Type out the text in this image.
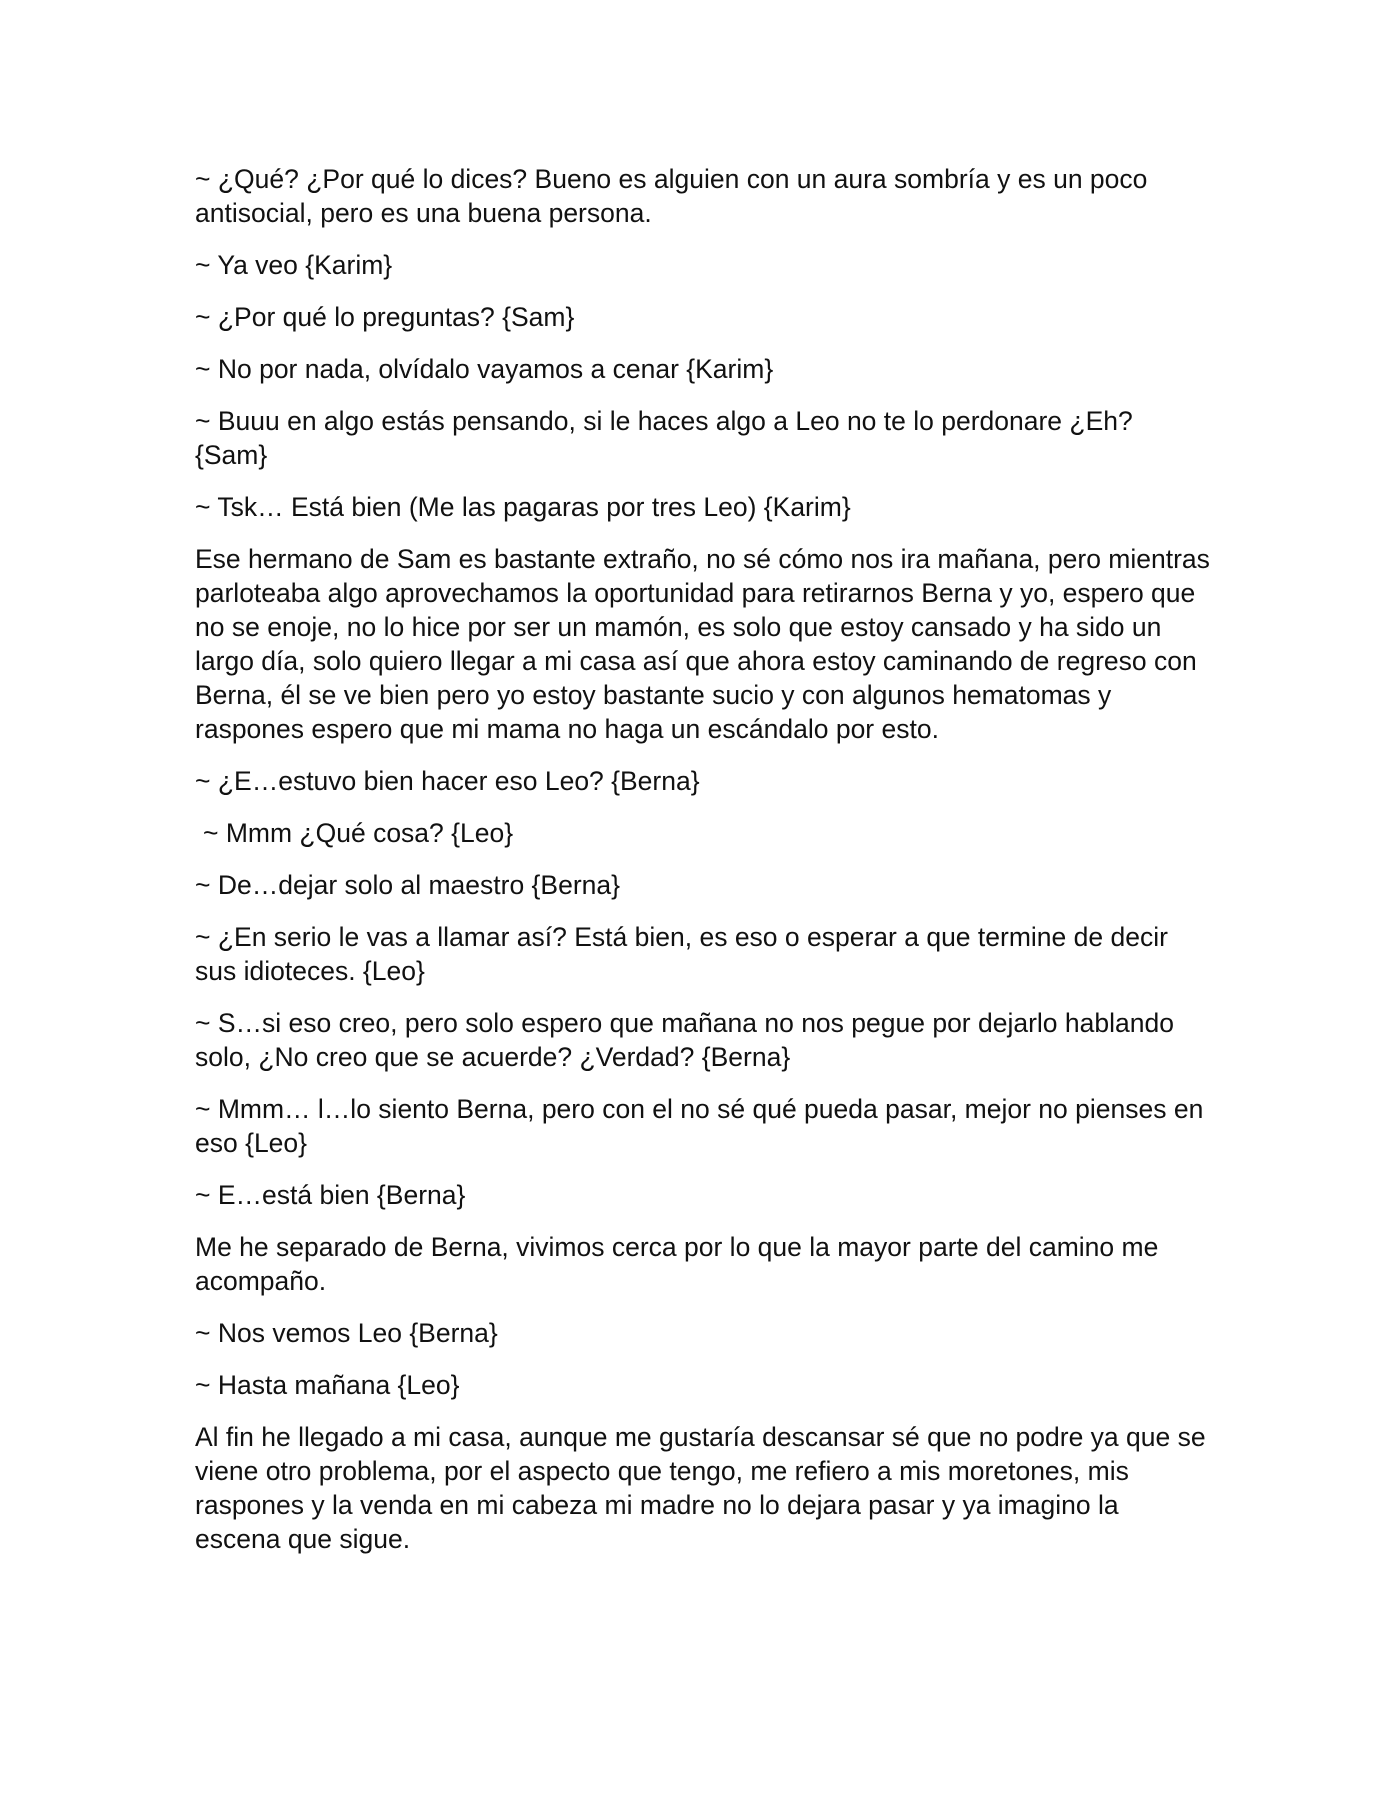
~ ¿Qué? ¿Por qué lo dices? Bueno es alguien con un aura sombría y es un poco antisocial, pero es una buena persona.

~ Ya veo {Karim}

~ ¿Por qué lo preguntas? {Sam}

~ No por nada, olvídalo vayamos a cenar {Karim}

~ Buuu en algo estás pensando, si le haces algo a Leo no te lo perdonare ¿Eh? {Sam}

~ Tsk… Está bien (Me las pagaras por tres Leo) {Karim}

Ese hermano de Sam es bastante extraño, no sé cómo nos ira mañana, pero mientras parloteaba algo aprovechamos la oportunidad para retirarnos Berna y yo, espero que no se enoje, no lo hice por ser un mamón, es solo que estoy cansado y ha sido un largo día, solo quiero llegar a mi casa así que ahora estoy caminando de regreso con Berna, él se ve bien pero yo estoy bastante sucio y con algunos hematomas y raspones espero que mi mama no haga un escándalo por esto.

~ ¿E…estuvo bien hacer eso Leo? {Berna}

~ Mmm ¿Qué cosa? {Leo}

~ De…dejar solo al maestro {Berna}

~ ¿En serio le vas a llamar así? Está bien, es eso o esperar a que termine de decir sus idioteces. {Leo}

~ S…si eso creo, pero solo espero que mañana no nos pegue por dejarlo hablando solo, ¿No creo que se acuerde? ¿Verdad? {Berna}

~ Mmm… l…lo siento Berna, pero con el no sé qué pueda pasar, mejor no pienses en eso {Leo}

~ E…está bien {Berna}

Me he separado de Berna, vivimos cerca por lo que la mayor parte del camino me acompaño.

~ Nos vemos Leo {Berna}

~ Hasta mañana {Leo}

Al fin he llegado a mi casa, aunque me gustaría descansar sé que no podre ya que se viene otro problema, por el aspecto que tengo, me refiero a mis moretones, mis raspones y la venda en mi cabeza mi madre no lo dejara pasar y ya imagino la escena que sigue.
